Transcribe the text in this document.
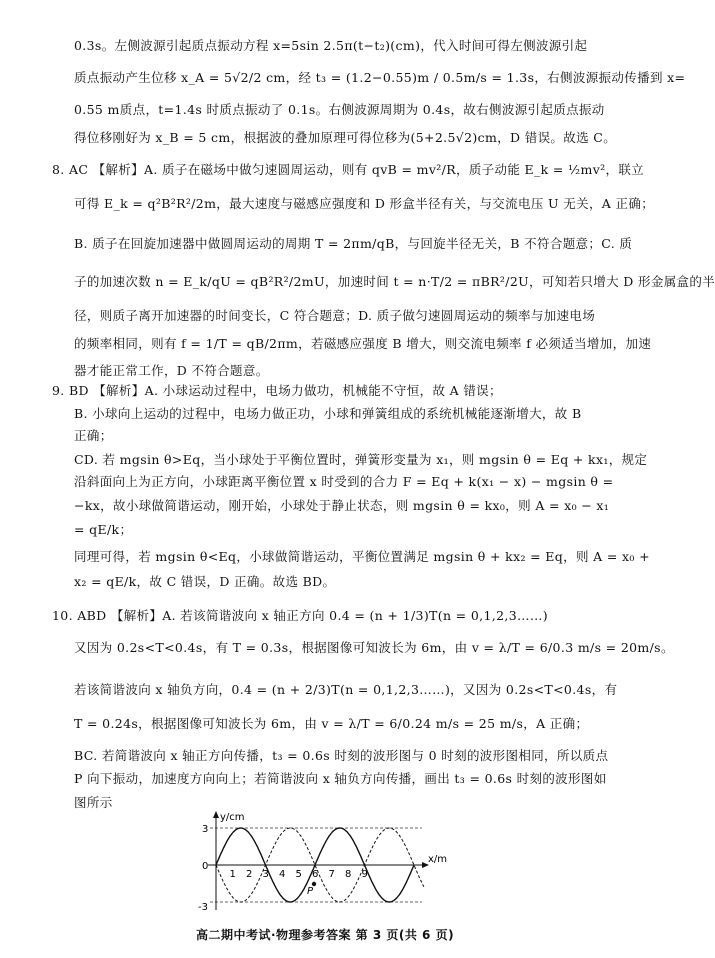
0.3s。左侧波源引起质点振动方程 x=5sin 2.5π(t−t₂)(cm)，代入时间可得左侧波源引起
质点振动产生位移 x_A = 5√2/2 cm，经 t₃ = (1.2−0.55)m / 0.5m/s = 1.3s，右侧波源振动传播到 x=
0.55 m质点，t=1.4s 时质点振动了 0.1s。右侧波源周期为 0.4s，故右侧波源引起质点振动
得位移刚好为 x_B = 5 cm，根据波的叠加原理可得位移为(5+2.5√2)cm，D 错误。故选 C。
8. AC 【解析】A. 质子在磁场中做匀速圆周运动，则有 qvB = mv²/R，质子动能 E_k = ½mv²，联立
可得 E_k = q²B²R²/2m，最大速度与磁感应强度和 D 形盒半径有关，与交流电压 U 无关，A 正确；
B. 质子在回旋加速器中做圆周运动的周期 T = 2πm/qB，与回旋半径无关，B 不符合题意；C. 质
子的加速次数 n = E_k/qU = qB²R²/2mU，加速时间 t = n·T/2 = πBR²/2U，可知若只增大 D 形金属盒的半
径，则质子离开加速器的时间变长，C 符合题意；D. 质子做匀速圆周运动的频率与加速电场
的频率相同，则有 f = 1/T = qB/2πm，若磁感应强度 B 增大，则交流电频率 f 必须适当增加，加速
器才能正常工作，D 不符合题意。
9. BD 【解析】A. 小球运动过程中，电场力做功，机械能不守恒，故 A 错误；
B. 小球向上运动的过程中，电场力做正功，小球和弹簧组成的系统机械能逐渐增大，故 B
正确；
CD. 若 mgsin θ>Eq，当小球处于平衡位置时，弹簧形变量为 x₁，则 mgsin θ = Eq + kx₁，规定
沿斜面向上为正方向，小球距离平衡位置 x 时受到的合力 F = Eq + k(x₁ − x) − mgsin θ =
−kx，故小球做简谐运动，刚开始，小球处于静止状态，则 mgsin θ = kx₀，则 A = x₀ − x₁
= qE/k；
同理可得，若 mgsin θ<Eq，小球做简谐运动，平衡位置满足 mgsin θ + kx₂ = Eq，则 A = x₀ +
x₂ = qE/k，故 C 错误，D 正确。故选 BD。
10. ABD 【解析】A. 若该简谐波向 x 轴正方向 0.4 = (n + 1/3)T(n = 0,1,2,3……)
又因为 0.2s<T<0.4s，有 T = 0.3s，根据图像可知波长为 6m，由 v = λ/T = 6/0.3 m/s = 20m/s。
若该简谐波向 x 轴负方向，0.4 = (n + 2/3)T(n = 0,1,2,3……)，又因为 0.2s<T<0.4s，有
T = 0.24s，根据图像可知波长为 6m，由 v = λ/T = 6/0.24 m/s = 25 m/s，A 正确；
BC. 若简谐波向 x 轴正方向传播，t₃ = 0.6s 时刻的波形图与 0 时刻的波形图相同，所以质点
P 向下振动，加速度方向向上；若简谐波向 x 轴负方向传播，画出 t₃ = 0.6s 时刻的波形图如
图所示
y/cm
x/m
3
0
-3
1 2 3 4 5 6 7 8 9
P
高二期中考试·物理参考答案 第 3 页(共 6 页)
